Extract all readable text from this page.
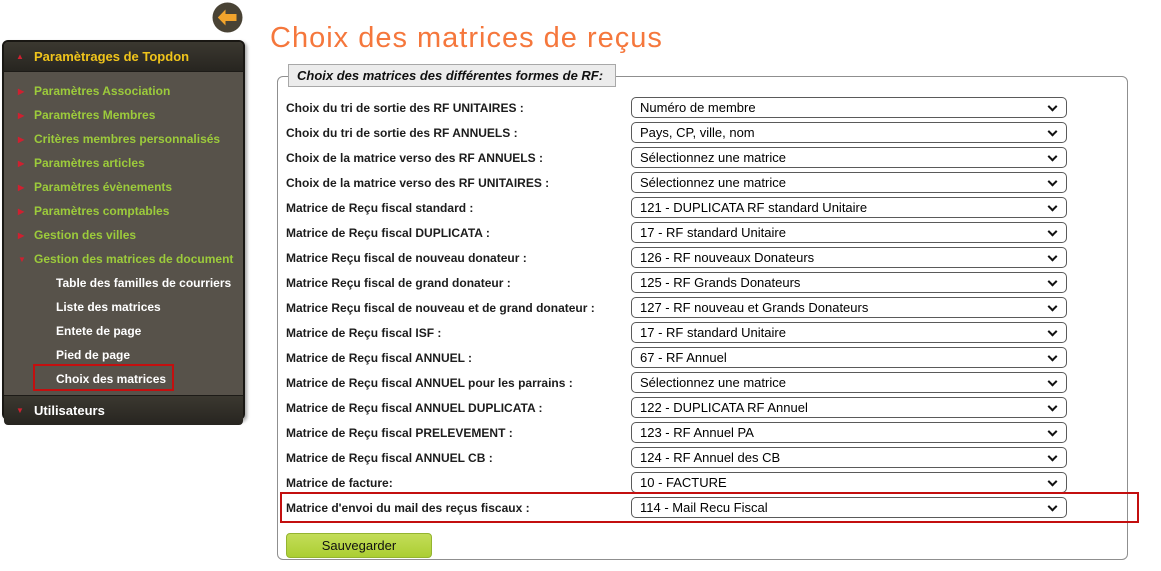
▲ Paramètrages de Topdon
▶ Paramètres Association
▶ Paramètres Membres
▶ Critères membres personnalisés
▶ Paramètres articles
▶ Paramètres évènements
▶ Paramètres comptables
▶ Gestion des villes
▼ Gestion des matrices de document
Table des familles de courriers
Liste des matrices
Entete de page
Pied de page
Choix des matrices
▼ Utilisateurs
Choix des matrices de reçus
Choix des matrices des différentes formes de RF:
Choix du tri de sortie des RF UNITAIRES :	Numéro de membre
Choix du tri de sortie des RF ANNUELS :	Pays, CP, ville, nom
Choix de la matrice verso des RF ANNUELS :	Sélectionnez une matrice
Choix de la matrice verso des RF UNITAIRES :	Sélectionnez une matrice
Matrice de Reçu fiscal standard :	121 - DUPLICATA RF standard Unitaire
Matrice de Reçu fiscal DUPLICATA :	17 - RF standard Unitaire
Matrice Reçu fiscal de nouveau donateur :	126 - RF nouveaux Donateurs
Matrice Reçu fiscal de grand donateur :	125 - RF Grands Donateurs
Matrice Reçu fiscal de nouveau et de grand donateur :	127 - RF nouveau et Grands Donateurs
Matrice de Reçu fiscal ISF :	17 - RF standard Unitaire
Matrice de Reçu fiscal ANNUEL :	67 - RF Annuel
Matrice de Reçu fiscal ANNUEL pour les parrains :	Sélectionnez une matrice
Matrice de Reçu fiscal ANNUEL DUPLICATA :	122 - DUPLICATA RF Annuel
Matrice de Reçu fiscal PRELEVEMENT :	123 - RF Annuel PA
Matrice de Reçu fiscal ANNUEL CB :	124 - RF Annuel des CB
Matrice de facture:	10 - FACTURE
Matrice d'envoi du mail des reçus fiscaux :	114 - Mail Recu Fiscal
Sauvegarder
